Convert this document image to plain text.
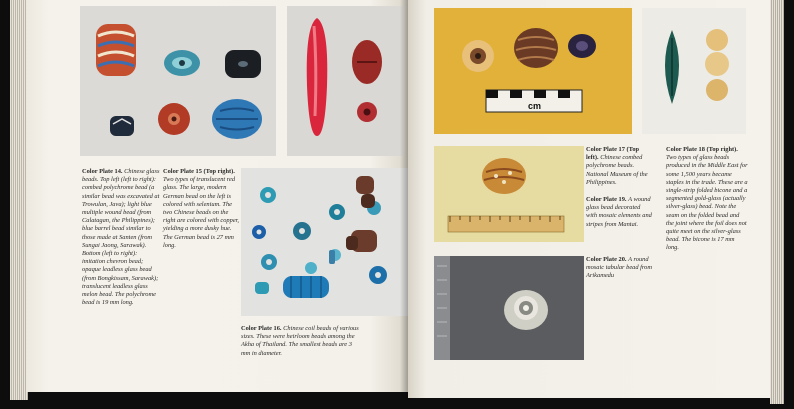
Color Plate 14. Chinese glass beads. Top left (left to right): combed polychrome bead (a similar bead was excavated at Trowulan, Java); light blue multiple wound bead (from Calatagan, the Philippines); blue barrel bead similar to those made at Santen (from Sungai Jaong, Sarawak). Bottom (left to right): imitation chevron bead; opaque leadless glass bead (from Bongkissam, Sarawak); translucent leadless glass melon bead. The polychrome bead is 19 mm long.
Color Plate 15 (Top right). Two types of translucent red glass. The large, modern German bead on the left is colored with selenium. The two Chinese beads on the right are colored with copper, yielding a more dusky hue. The German bead is 27 mm long.
Color Plate 16. Chinese coil beads of various sizes. These were heirloom beads among the Akha of Thailand. The smallest beads are 3 mm in diameter.
cm
Color Plate 17 (Top left). Chinese combed polychrome beads. National Museum of the Philippines.
Color Plate 18 (Top right). Two types of glass beads produced in the Middle East for some 1,500 years became staples in the trade. These are a single-strip folded bicone and a segmented gold-glass (actually silver-glass) bead. Note the seam on the folded bead and the joint where the foil does not quite meet on the silver-glass bead. The bicone is 17 mm long.
Color Plate 19. A wound glass bead decorated with mosaic elements and stripes from Mantai.
Color Plate 20. A round mosaic tabular bead from Arikamedu
